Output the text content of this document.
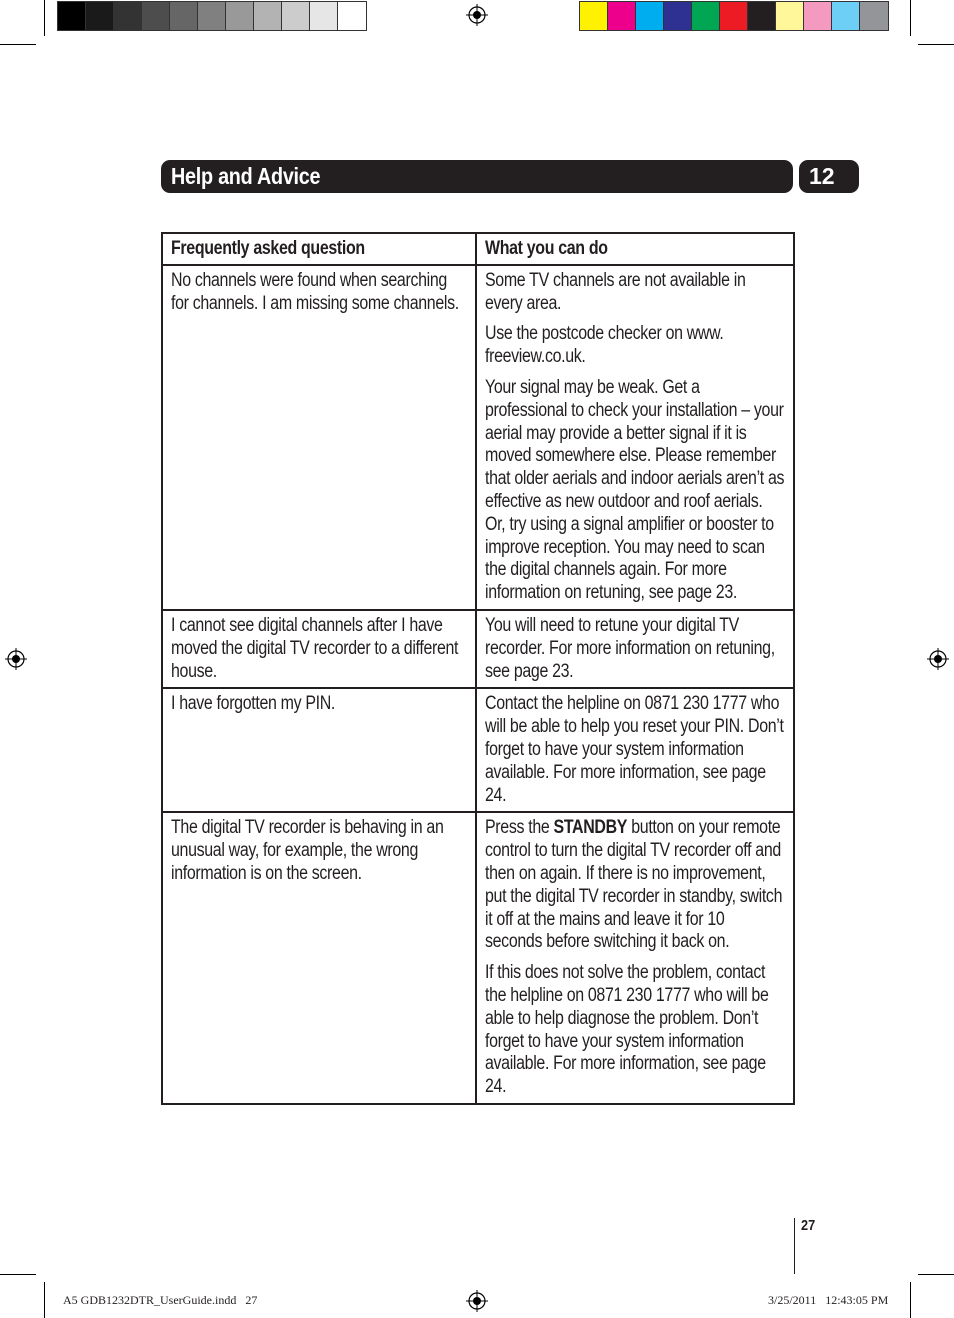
Help and Advice	12
Frequently asked question	What you can do

No channels were found when searching for channels. I am missing some channels.	Some TV channels are not available in every area.

Use the postcode checker on www. freeview.co.uk.

Your signal may be weak. Get a professional to check your installation – your aerial may provide a better signal if it is moved somewhere else. Please remember that older aerials and indoor aerials aren’t as effective as new outdoor and roof aerials. Or, try using a signal amplifier or booster to improve reception. You may need to scan the digital channels again. For more information on retuning, see page 23.

I cannot see digital channels after I have moved the digital TV recorder to a different house.	You will need to retune your digital TV recorder. For more information on retuning, see page 23.

I have forgotten my PIN.	Contact the helpline on 0871 230 1777 who will be able to help you reset your PIN. Don’t forget to have your system information available. For more information, see page 24.

The digital TV recorder is behaving in an unusual way, for example, the wrong information is on the screen.	Press the STANDBY button on your remote control to turn the digital TV recorder off and then on again. If there is no improvement, put the digital TV recorder in standby, switch it off at the mains and leave it for 10 seconds before switching it back on.

If this does not solve the problem, contact the helpline on 0871 230 1777 who will be able to help diagnose the problem. Don’t forget to have your system information available. For more information, see page 24.

27
A5 GDB1232DTR_UserGuide.indd   27	3/25/2011   12:43:05 PM
